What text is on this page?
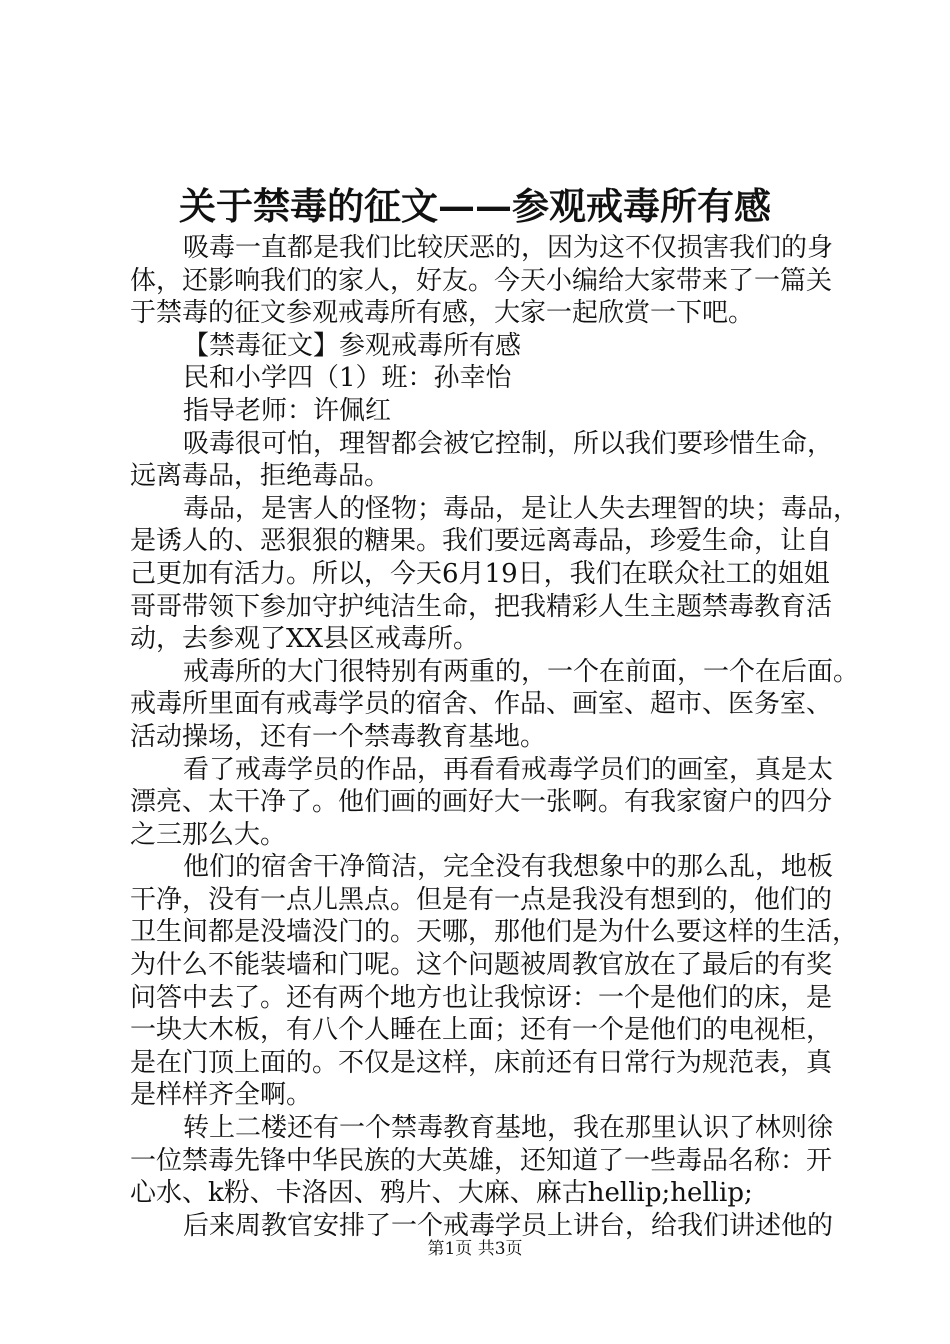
关于禁毒的征文——参观戒毒所有感
吸毒一直都是我们比较厌恶的，因为这不仅损害我们的身
体，还影响我们的家人，好友。今天小编给大家带来了一篇关
于禁毒的征文参观戒毒所有感，大家一起欣赏一下吧。
【禁毒征文】参观戒毒所有感
民和小学四（1）班：孙幸怡
指导老师：许佩红
吸毒很可怕，理智都会被它控制，所以我们要珍惜生命，
远离毒品，拒绝毒品。
毒品，是害人的怪物；毒品，是让人失去理智的块；毒品，
是诱人的、恶狠狠的糖果。我们要远离毒品，珍爱生命，让自
己更加有活力。所以，今天6月19日，我们在联众社工的姐姐
哥哥带领下参加守护纯洁生命，把我精彩人生主题禁毒教育活
动，去参观了XX县区戒毒所。
戒毒所的大门很特别有两重的，一个在前面，一个在后面。
戒毒所里面有戒毒学员的宿舍、作品、画室、超市、医务室、
活动操场，还有一个禁毒教育基地。
看了戒毒学员的作品，再看看戒毒学员们的画室，真是太
漂亮、太干净了。他们画的画好大一张啊。有我家窗户的四分
之三那么大。
他们的宿舍干净简洁，完全没有我想象中的那么乱，地板
干净，没有一点儿黑点。但是有一点是我没有想到的，他们的
卫生间都是没墙没门的。天哪，那他们是为什么要这样的生活，
为什么不能装墙和门呢。这个问题被周教官放在了最后的有奖
问答中去了。还有两个地方也让我惊讶：一个是他们的床，是
一块大木板，有八个人睡在上面；还有一个是他们的电视柜，
是在门顶上面的。不仅是这样，床前还有日常行为规范表，真
是样样齐全啊。
转上二楼还有一个禁毒教育基地，我在那里认识了林则徐
一位禁毒先锋中华民族的大英雄，还知道了一些毒品名称：开
心水、k粉、卡洛因、鸦片、大麻、麻古hellip;hellip;
后来周教官安排了一个戒毒学员上讲台，给我们讲述他的
第1页 共3页
